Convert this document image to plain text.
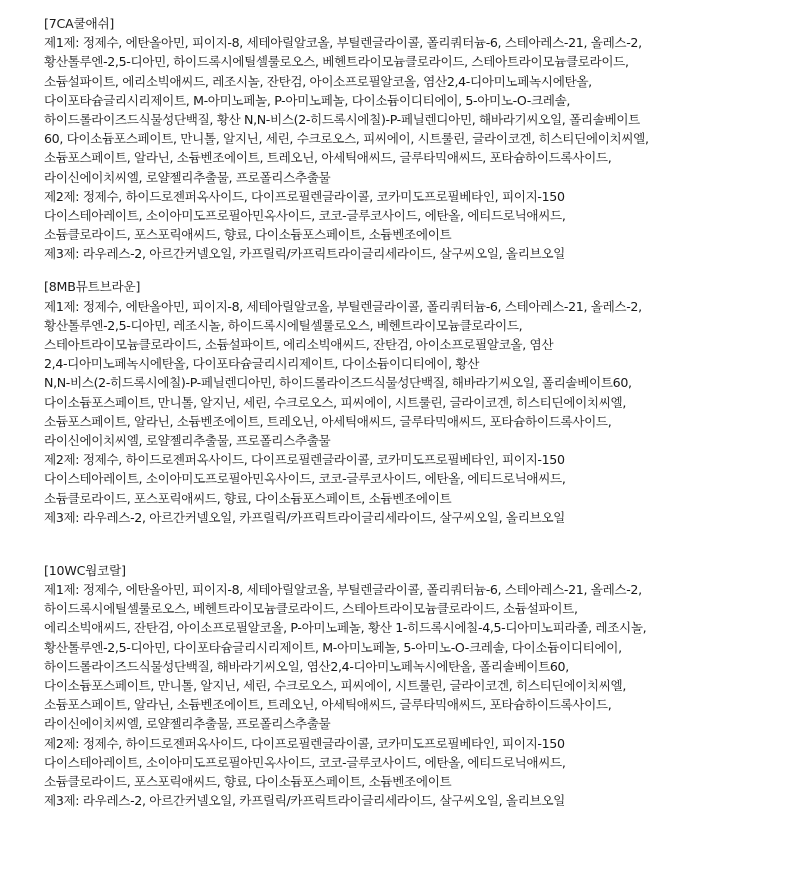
[7CA쿨애쉬]
제1제: 정제수, 에탄올아민, 피이지-8, 세테아릴알코올, 부틸렌글라이콜, 폴리쿼터늄-6, 스테아레스-21, 올레스-2,
황산톨루엔-2,5-디아민, 하이드록시에틸셀룰로오스, 베헨트라이모늄클로라이드, 스테아트라이모늄클로라이드,
소듐설파이트, 에리소빅애씨드, 레조시놀, 잔탄검, 아이소프로필알코올, 염산2,4-디아미노페녹시에탄올,
다이포타슘글리시리제이트, M-아미노페놀, P-아미노페놀, 다이소듐이디티에이, 5-아미노-O-크레솔,
하이드롤라이즈드식물성단백질, 황산 N,N-비스(2-히드록시에칠)-P-페닐렌디아민, 해바라기씨오일, 폴리솔베이트
60, 다이소듐포스페이트, 만니톨, 알지닌, 세린, 수크로오스, 피씨에이, 시트룰린, 글라이코겐, 히스티딘에이치씨엘,
소듐포스페이트, 알라닌, 소듐벤조에이트, 트레오닌, 아세틱애씨드, 글루타믹애씨드, 포타슘하이드록사이드,
라이신에이치씨엘, 로얄젤리추출물, 프로폴리스추출물
제2제: 정제수, 하이드로젠퍼옥사이드, 다이프로필렌글라이콜, 코카미도프로필베타인, 피이지-150
다이스테아레이트, 소이아미도프로필아민옥사이드, 코코-글루코사이드, 에탄올, 에티드로닉애씨드,
소듐클로라이드, 포스포릭애씨드, 향료, 다이소듐포스페이트, 소듐벤조에이트
제3제: 라우레스-2, 아르간커넬오일, 카프릴릭/카프릭트라이글리세라이드, 살구씨오일, 올리브오일
[8MB뮤트브라운]
제1제: 정제수, 에탄올아민, 피이지-8, 세테아릴알코올, 부틸렌글라이콜, 폴리쿼터늄-6, 스테아레스-21, 올레스-2,
황산톨루엔-2,5-디아민, 레조시놀, 하이드록시에틸셀룰로오스, 베헨트라이모늄클로라이드,
스테아트라이모늄클로라이드, 소듐설파이트, 에리소빅애씨드, 잔탄검, 아이소프로필알코올, 염산
2,4-디아미노페녹시에탄올, 다이포타슘글리시리제이트, 다이소듐이디티에이, 황산
N,N-비스(2-히드록시에칠)-P-페닐렌디아민, 하이드롤라이즈드식물성단백질, 해바라기씨오일, 폴리솔베이트60,
다이소듐포스페이트, 만니톨, 알지닌, 세린, 수크로오스, 피씨에이, 시트룰린, 글라이코겐, 히스티딘에이치씨엘,
소듐포스페이트, 알라닌, 소듐벤조에이트, 트레오닌, 아세틱애씨드, 글루타믹애씨드, 포타슘하이드록사이드,
라이신에이치씨엘, 로얄젤리추출물, 프로폴리스추출물
제2제: 정제수, 하이드로젠퍼옥사이드, 다이프로필렌글라이콜, 코카미도프로필베타인, 피이지-150
다이스테아레이트, 소이아미도프로필아민옥사이드, 코코-글루코사이드, 에탄올, 에티드로닉애씨드,
소듐클로라이드, 포스포릭애씨드, 향료, 다이소듐포스페이트, 소듐벤조에이트
제3제: 라우레스-2, 아르간커넬오일, 카프릴릭/카프릭트라이글리세라이드, 살구씨오일, 올리브오일
[10WC웜코랄]
제1제: 정제수, 에탄올아민, 피이지-8, 세테아릴알코올, 부틸렌글라이콜, 폴리쿼터늄-6, 스테아레스-21, 올레스-2,
하이드록시에틸셀룰로오스, 베헨트라이모늄클로라이드, 스테아트라이모늄클로라이드, 소듐설파이트,
에리소빅애씨드, 잔탄검, 아이소프로필알코올, P-아미노페놀, 황산 1-히드록시에칠-4,5-디아미노피라졸, 레조시놀,
황산톨루엔-2,5-디아민, 다이포타슘글리시리제이트, M-아미노페놀, 5-아미노-O-크레솔, 다이소듐이디티에이,
하이드롤라이즈드식물성단백질, 해바라기씨오일, 염산2,4-디아미노페녹시에탄올, 폴리솔베이트60,
다이소듐포스페이트, 만니톨, 알지닌, 세린, 수크로오스, 피씨에이, 시트룰린, 글라이코겐, 히스티딘에이치씨엘,
소듐포스페이트, 알라닌, 소듐벤조에이트, 트레오닌, 아세틱애씨드, 글루타믹애씨드, 포타슘하이드록사이드,
라이신에이치씨엘, 로얄젤리추출물, 프로폴리스추출물
제2제: 정제수, 하이드로젠퍼옥사이드, 다이프로필렌글라이콜, 코카미도프로필베타인, 피이지-150
다이스테아레이트, 소이아미도프로필아민옥사이드, 코코-글루코사이드, 에탄올, 에티드로닉애씨드,
소듐클로라이드, 포스포릭애씨드, 향료, 다이소듐포스페이트, 소듐벤조에이트
제3제: 라우레스-2, 아르간커넬오일, 카프릴릭/카프릭트라이글리세라이드, 살구씨오일, 올리브오일
